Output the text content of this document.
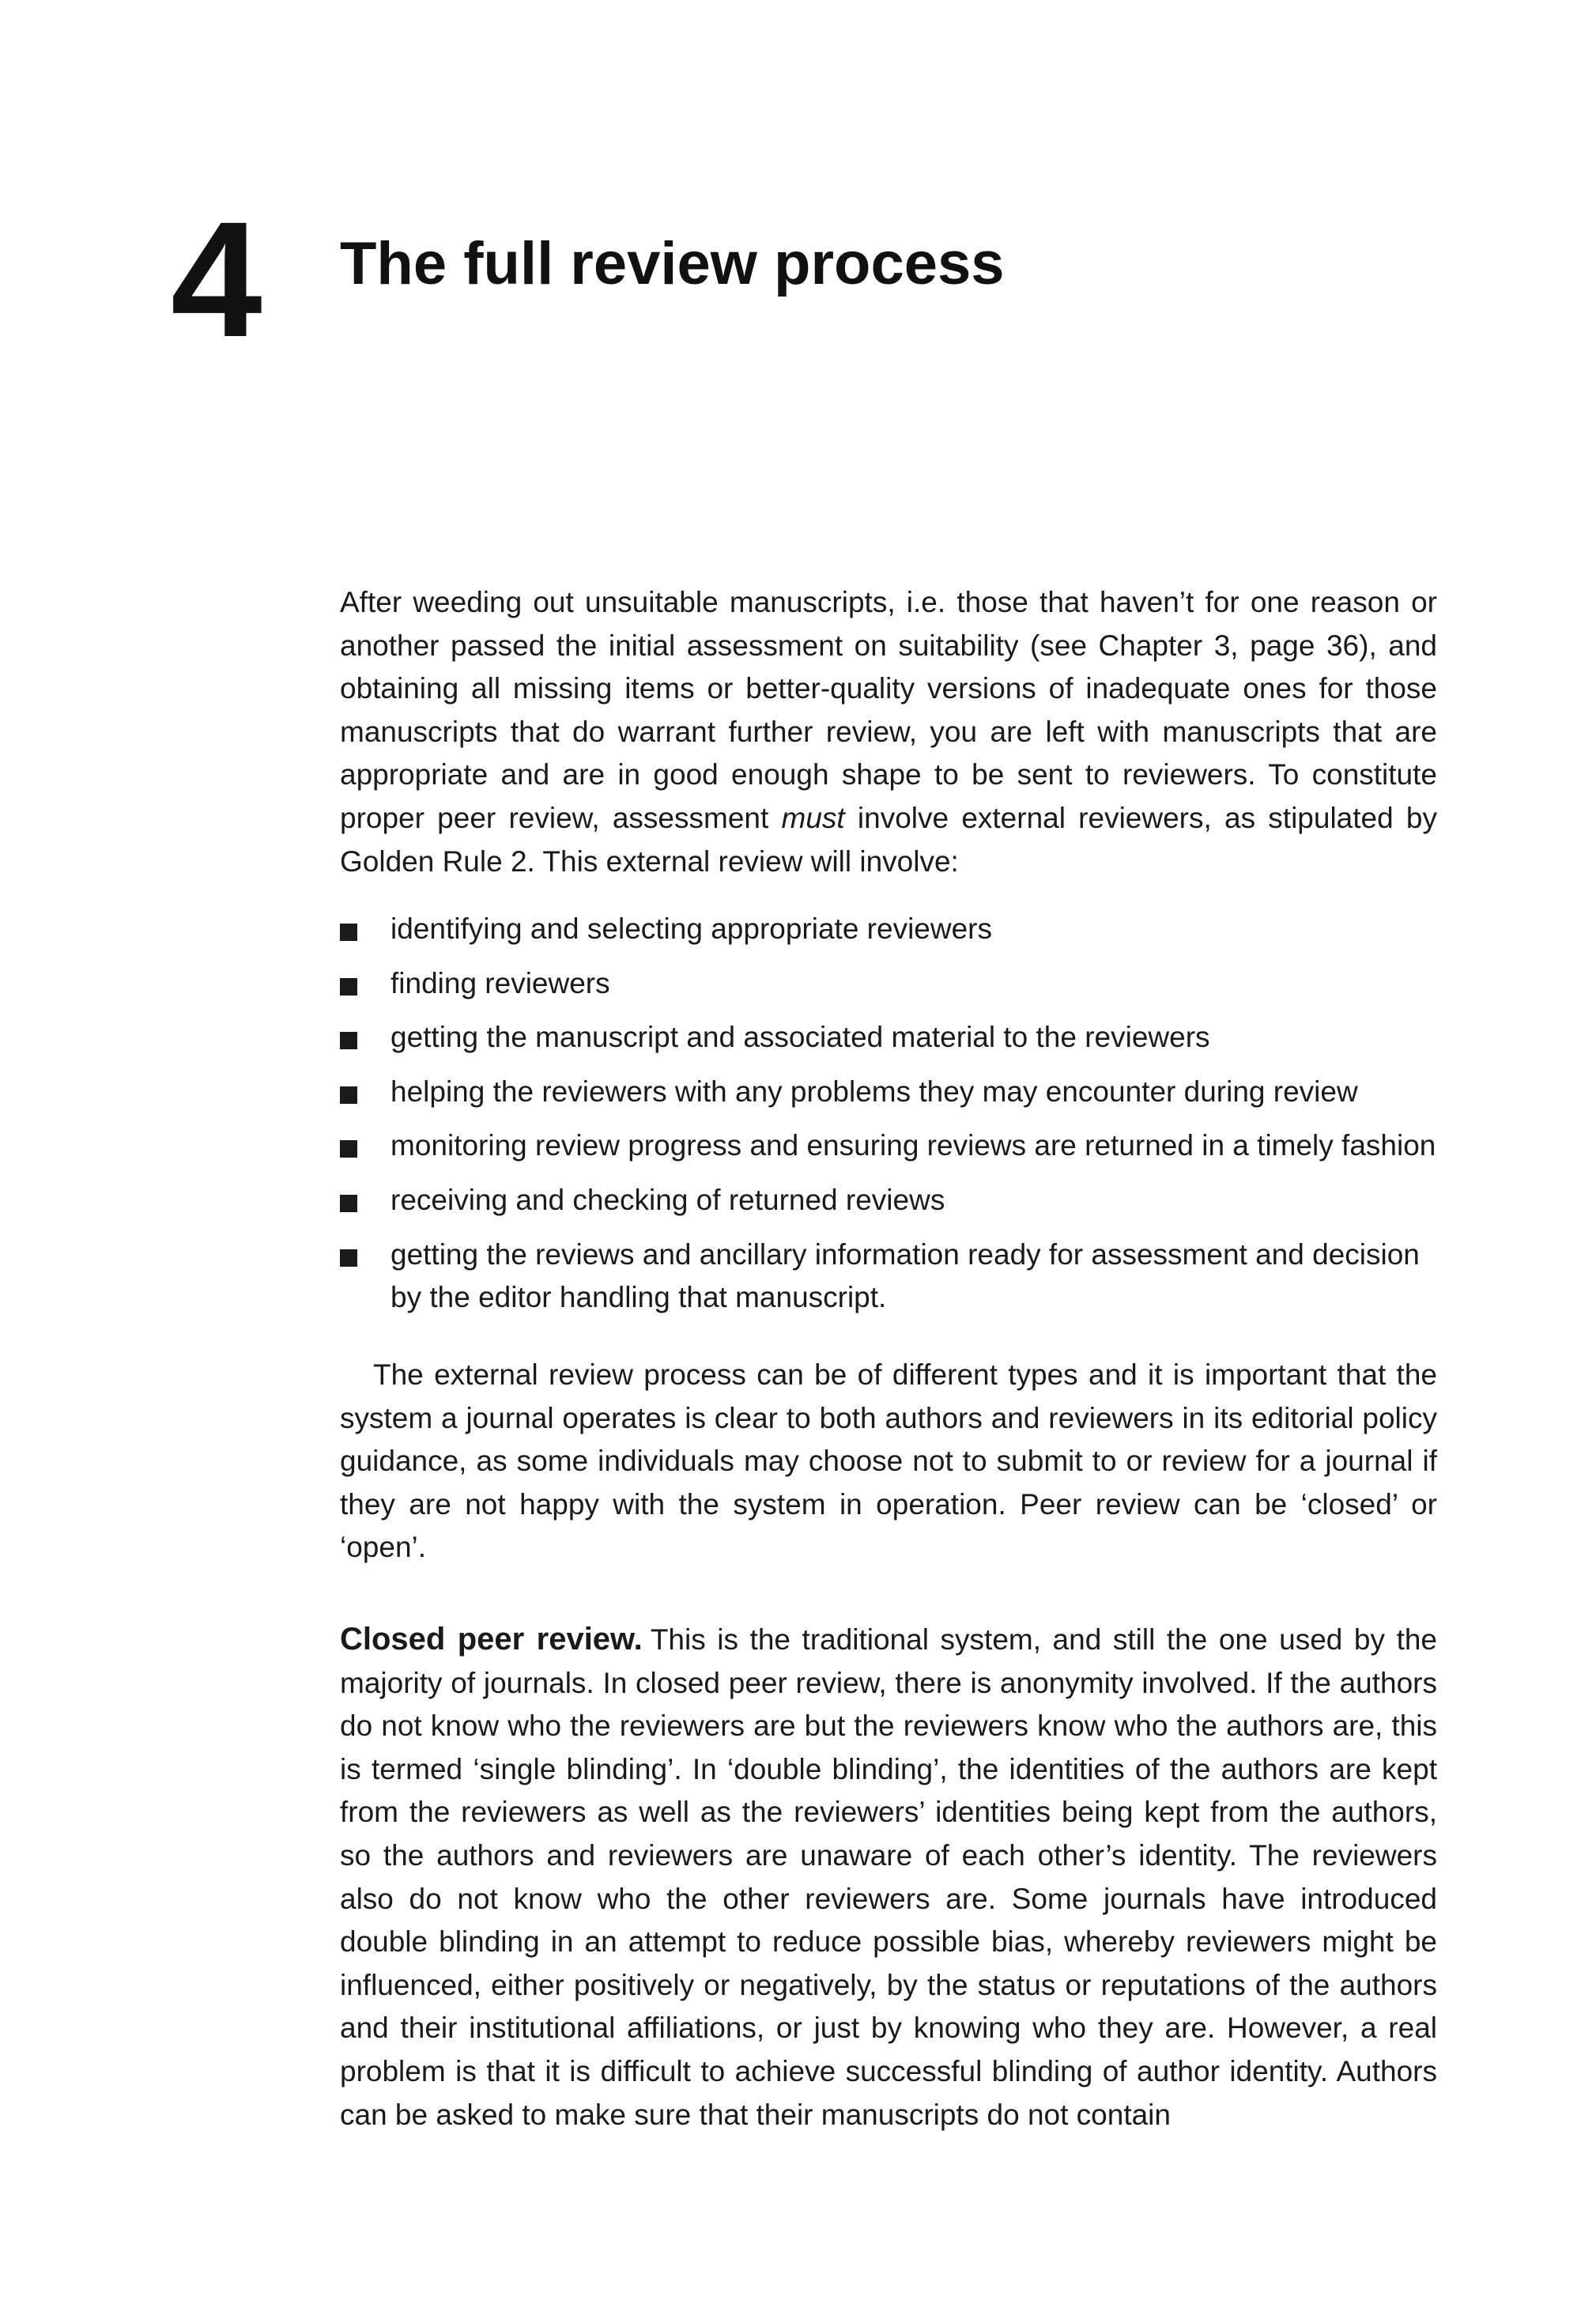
4 The full review process

After weeding out unsuitable manuscripts, i.e. those that haven’t for one reason or another passed the initial assessment on suitability (see Chapter 3, page 36), and obtaining all missing items or better-quality versions of inadequate ones for those manuscripts that do warrant further review, you are left with manuscripts that are appropriate and are in good enough shape to be sent to reviewers. To constitute proper peer review, assessment must involve external reviewers, as stipulated by Golden Rule 2. This external review will involve:

identifying and selecting appropriate reviewers
finding reviewers
getting the manuscript and associated material to the reviewers
helping the reviewers with any problems they may encounter during review
monitoring review progress and ensuring reviews are returned in a timely fashion
receiving and checking of returned reviews
getting the reviews and ancillary information ready for assessment and decision by the editor handling that manuscript.

The external review process can be of different types and it is important that the system a journal operates is clear to both authors and reviewers in its editorial policy guidance, as some individuals may choose not to submit to or review for a journal if they are not happy with the system in operation. Peer review can be ‘closed’ or ‘open’.

Closed peer review. This is the traditional system, and still the one used by the majority of journals. In closed peer review, there is anonymity involved. If the authors do not know who the reviewers are but the reviewers know who the authors are, this is termed ‘single blinding’. In ‘double blinding’, the identities of the authors are kept from the reviewers as well as the reviewers’ identities being kept from the authors, so the authors and reviewers are unaware of each other’s identity. The reviewers also do not know who the other reviewers are. Some journals have introduced double blinding in an attempt to reduce possible bias, whereby reviewers might be influenced, either positively or negatively, by the status or reputations of the authors and their institutional affiliations, or just by knowing who they are. However, a real problem is that it is difficult to achieve successful blinding of author identity. Authors can be asked to make sure that their manuscripts do not contain
